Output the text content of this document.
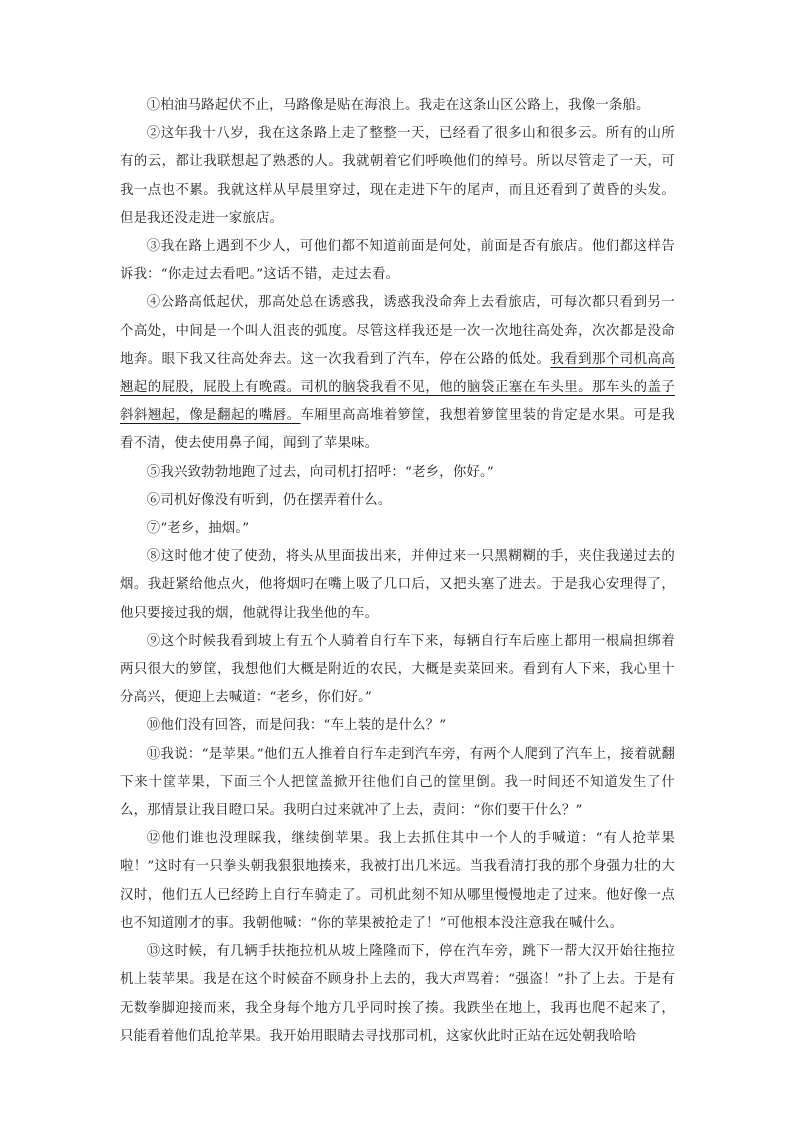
①柏油马路起伏不止，马路像是贴在海浪上。我走在这条山区公路上，我像一条船。

②这年我十八岁，我在这条路上走了整整一天，已经看了很多山和很多云。所有的山所有的云，都让我联想起了熟悉的人。我就朝着它们呼唤他们的绰号。所以尽管走了一天，可我一点也不累。我就这样从早晨里穿过，现在走进下午的尾声，而且还看到了黄昏的头发。但是我还没走进一家旅店。

③我在路上遇到不少人，可他们都不知道前面是何处，前面是否有旅店。他们都这样告诉我：“你走过去看吧。”这话不错，走过去看。

④公路高低起伏，那高处总在诱惑我，诱惑我没命奔上去看旅店，可每次都只看到另一个高处，中间是一个叫人沮丧的弧度。尽管这样我还是一次一次地往高处奔，次次都是没命地奔。眼下我又往高处奔去。这一次我看到了汽车，停在公路的低处。我看到那个司机高高翘起的屁股，屁股上有晚霞。司机的脑袋我看不见，他的脑袋正塞在车头里。那车头的盖子斜斜翘起，像是翻起的嘴唇。车厢里高高堆着箩筐，我想着箩筐里装的肯定是水果。可是我看不清，使去使用鼻子闻，闻到了苹果味。

⑤我兴致勃勃地跑了过去，向司机打招呼：“老乡，你好。”

⑥司机好像没有听到，仍在摆弄着什么。

⑦“老乡，抽烟。”

⑧这时他才使了使劲，将头从里面拔出来，并伸过来一只黑糊糊的手，夹住我递过去的烟。我赶紧给他点火，他将烟叼在嘴上吸了几口后，又把头塞了进去。于是我心安理得了，他只要接过我的烟，他就得让我坐他的车。

⑨这个时候我看到坡上有五个人骑着自行车下来，每辆自行车后座上都用一根扁担绑着两只很大的箩筐，我想他们大概是附近的农民，大概是卖菜回来。看到有人下来，我心里十分高兴，便迎上去喊道：“老乡，你们好。”

⑩他们没有回答，而是问我：“车上装的是什么？”

⑪我说：“是苹果。”他们五人推着自行车走到汽车旁，有两个人爬到了汽车上，接着就翻下来十筐苹果，下面三个人把筐盖掀开往他们自己的筐里倒。我一时间还不知道发生了什么，那情景让我目瞪口呆。我明白过来就冲了上去，责问：“你们要干什么？”

⑫他们谁也没理睬我，继续倒苹果。我上去抓住其中一个人的手喊道：“有人抢苹果啦！”这时有一只拳头朝我狠狠地揍来，我被打出几米远。当我看清打我的那个身强力壮的大汉时，他们五人已经跨上自行车骑走了。司机此刻不知从哪里慢慢地走了过来。他好像一点也不知道刚才的事。我朝他喊：“你的苹果被抢走了！”可他根本没注意我在喊什么。

⑬这时候，有几辆手扶拖拉机从坡上隆隆而下，停在汽车旁，跳下一帮大汉开始往拖拉机上装苹果。我是在这个时候奋不顾身扑上去的，我大声骂着：“强盗！”扑了上去。于是有无数拳脚迎接而来，我全身每个地方几乎同时挨了揍。我跌坐在地上，我再也爬不起来了，只能看着他们乱抢苹果。我开始用眼睛去寻找那司机，这家伙此时正站在远处朝我哈哈
